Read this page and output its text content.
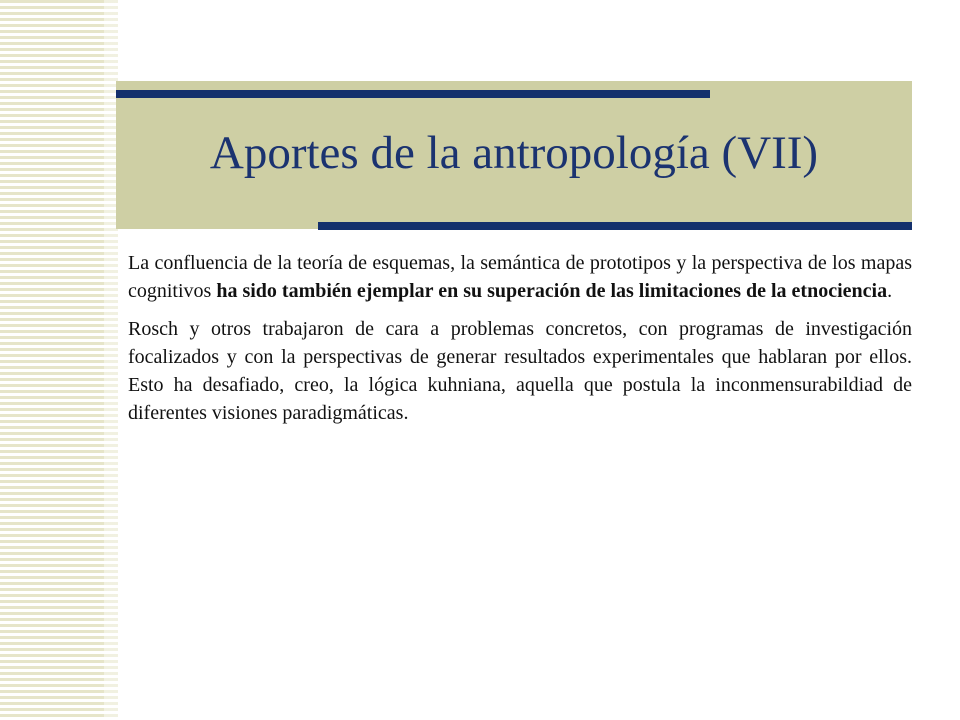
Aportes de la antropología (VII)

La confluencia de la teoría de esquemas, la semántica de prototipos y la perspectiva de los mapas cognitivos ha sido también ejemplar en su superación de las limitaciones de la etnociencia.

Rosch y otros trabajaron de cara a problemas concretos, con programas de investigación focalizados y con la perspectivas de generar resultados experimentales que hablaran por ellos. Esto ha desafiado, creo, la lógica kuhniana, aquella que postula la inconmensurabildiad de diferentes visiones paradigmáticas.
